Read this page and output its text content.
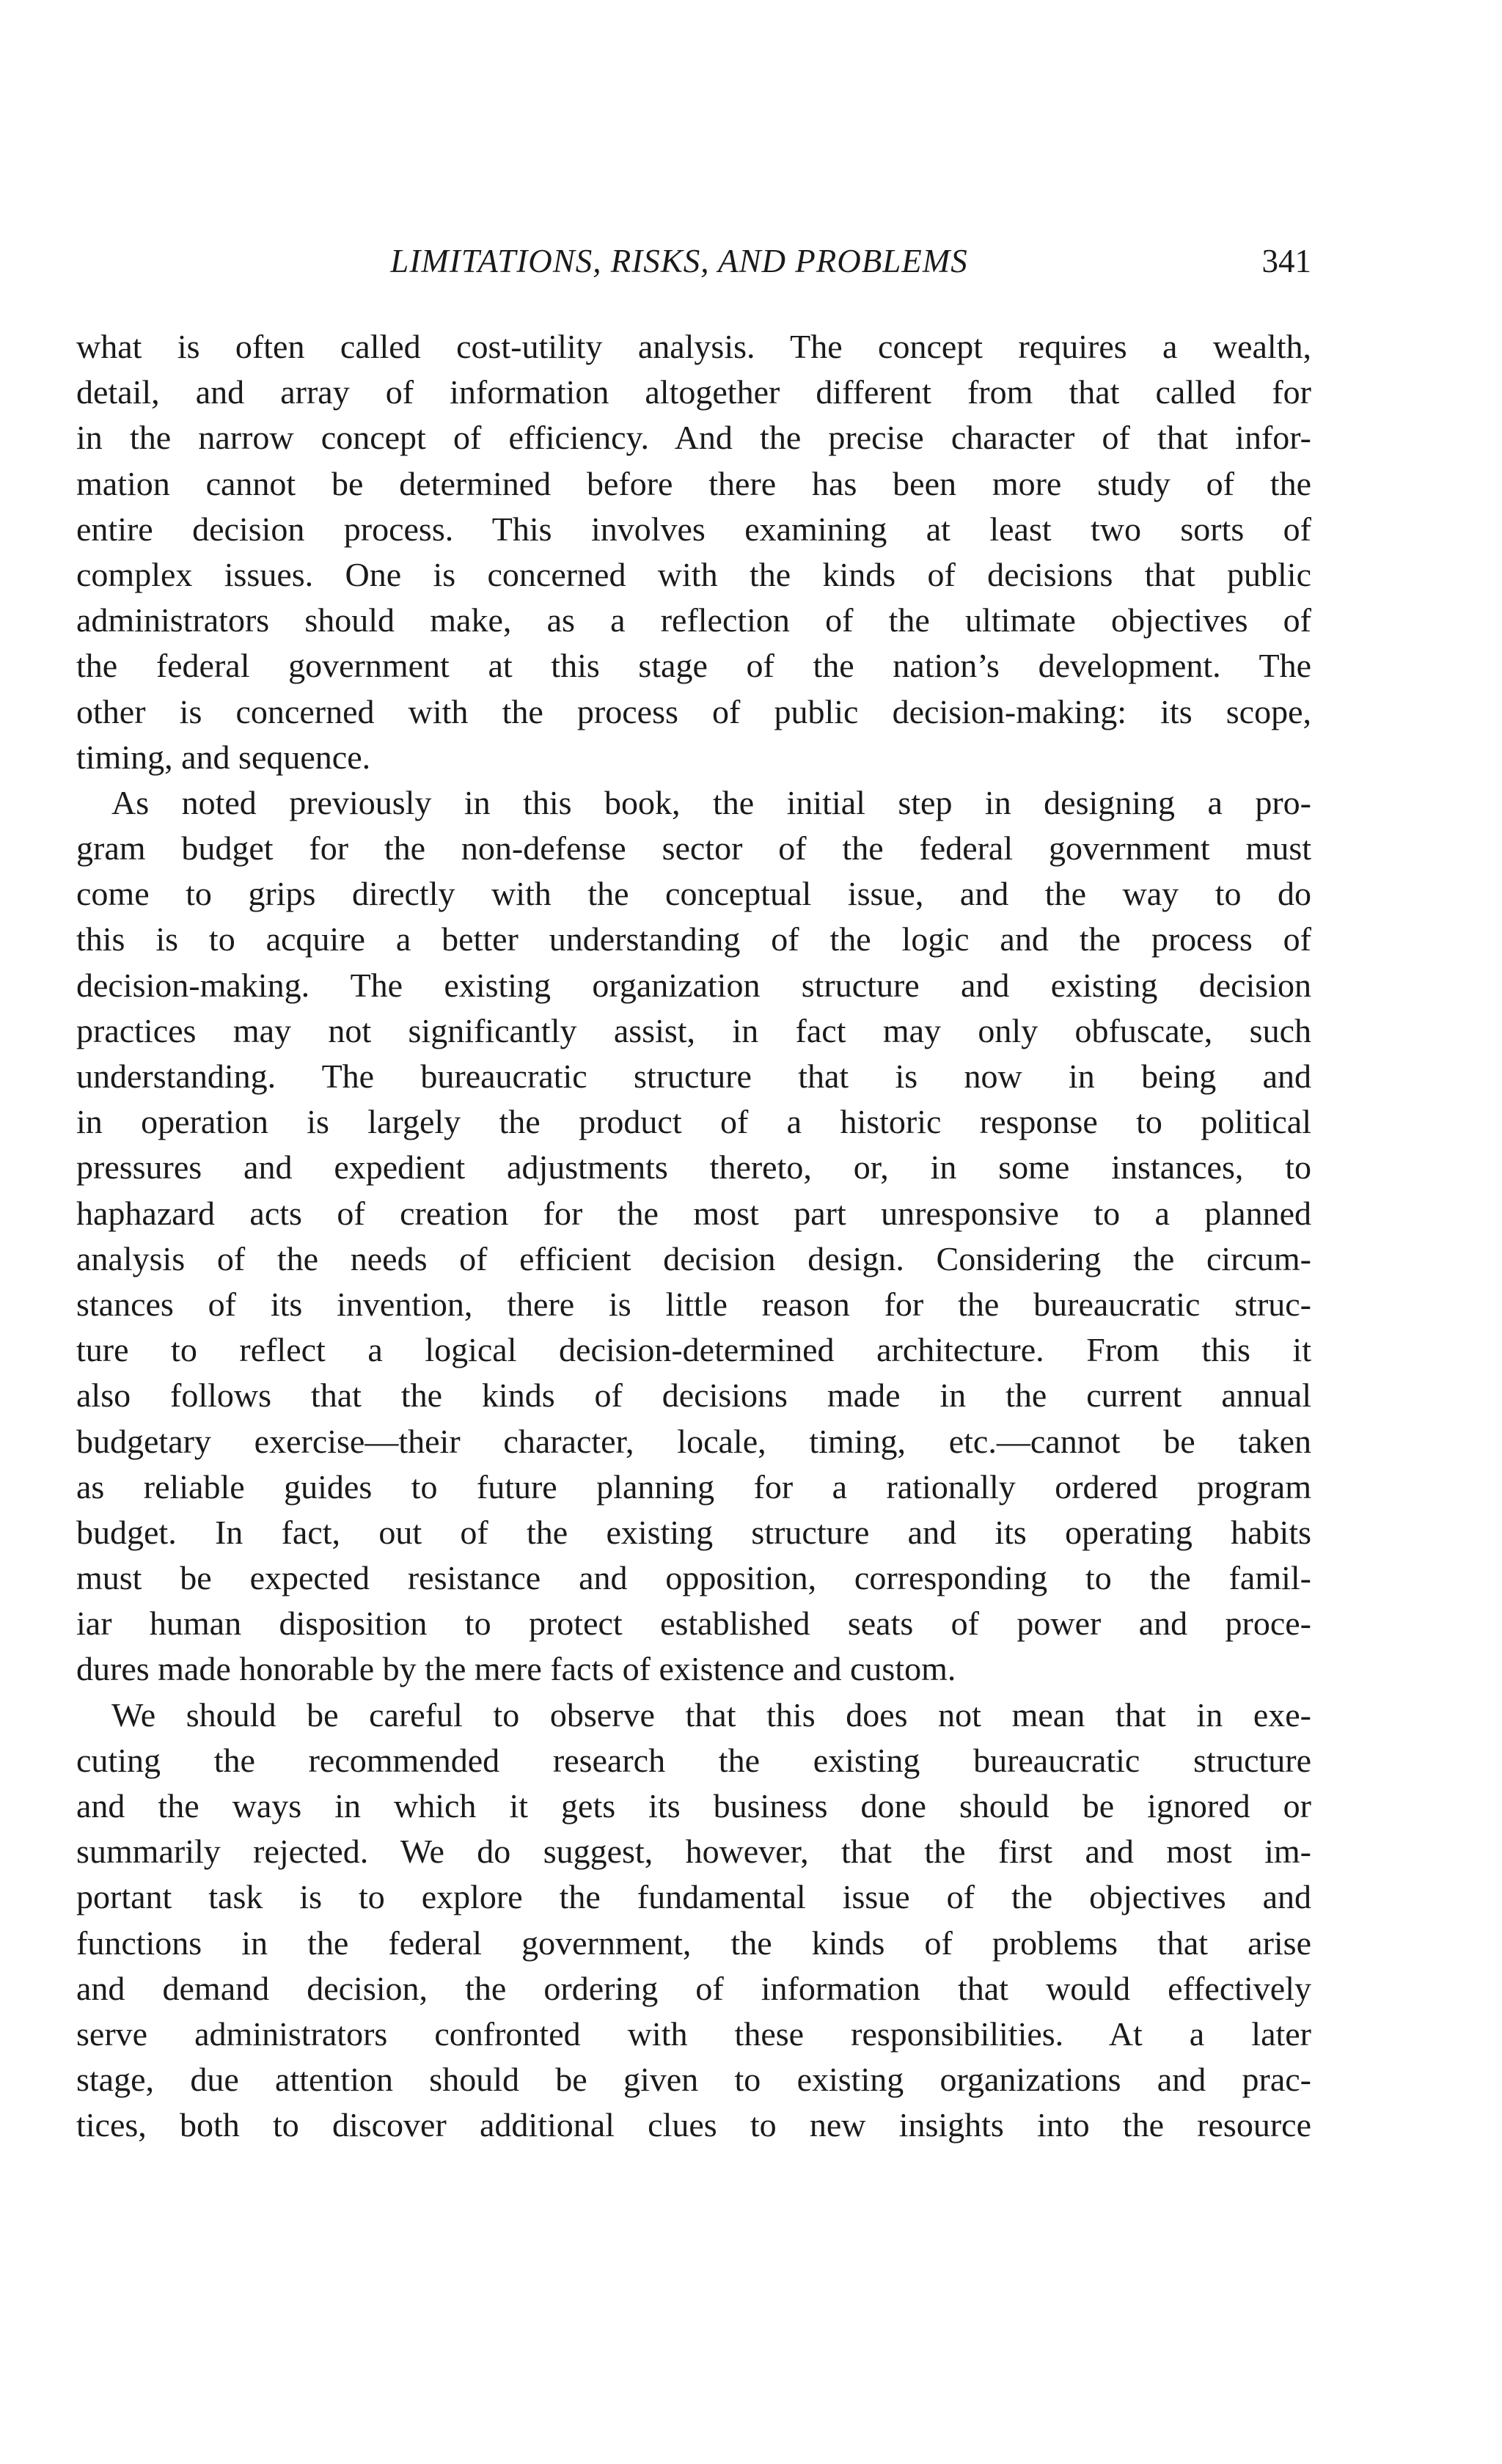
LIMITATIONS, RISKS, AND PROBLEMS	341
what is often called cost-utility analysis. The concept requires a wealth,
detail, and array of information altogether different from that called for
in the narrow concept of efficiency. And the precise character of that infor-
mation cannot be determined before there has been more study of the
entire decision process. This involves examining at least two sorts of
complex issues. One is concerned with the kinds of decisions that public
administrators should make, as a reflection of the ultimate objectives of
the federal government at this stage of the nation’s development. The
other is concerned with the process of public decision-making: its scope,
timing, and sequence.
As noted previously in this book, the initial step in designing a pro-
gram budget for the non-defense sector of the federal government must
come to grips directly with the conceptual issue, and the way to do
this is to acquire a better understanding of the logic and the process of
decision-making. The existing organization structure and existing decision
practices may not significantly assist, in fact may only obfuscate, such
understanding. The bureaucratic structure that is now in being and
in operation is largely the product of a historic response to political
pressures and expedient adjustments thereto, or, in some instances, to
haphazard acts of creation for the most part unresponsive to a planned
analysis of the needs of efficient decision design. Considering the circum-
stances of its invention, there is little reason for the bureaucratic struc-
ture to reflect a logical decision-determined architecture. From this it
also follows that the kinds of decisions made in the current annual
budgetary exercise—their character, locale, timing, etc.—cannot be taken
as reliable guides to future planning for a rationally ordered program
budget. In fact, out of the existing structure and its operating habits
must be expected resistance and opposition, corresponding to the famil-
iar human disposition to protect established seats of power and proce-
dures made honorable by the mere facts of existence and custom.
We should be careful to observe that this does not mean that in exe-
cuting the recommended research the existing bureaucratic structure
and the ways in which it gets its business done should be ignored or
summarily rejected. We do suggest, however, that the first and most im-
portant task is to explore the fundamental issue of the objectives and
functions in the federal government, the kinds of problems that arise
and demand decision, the ordering of information that would effectively
serve administrators confronted with these responsibilities. At a later
stage, due attention should be given to existing organizations and prac-
tices, both to discover additional clues to new insights into the resource
